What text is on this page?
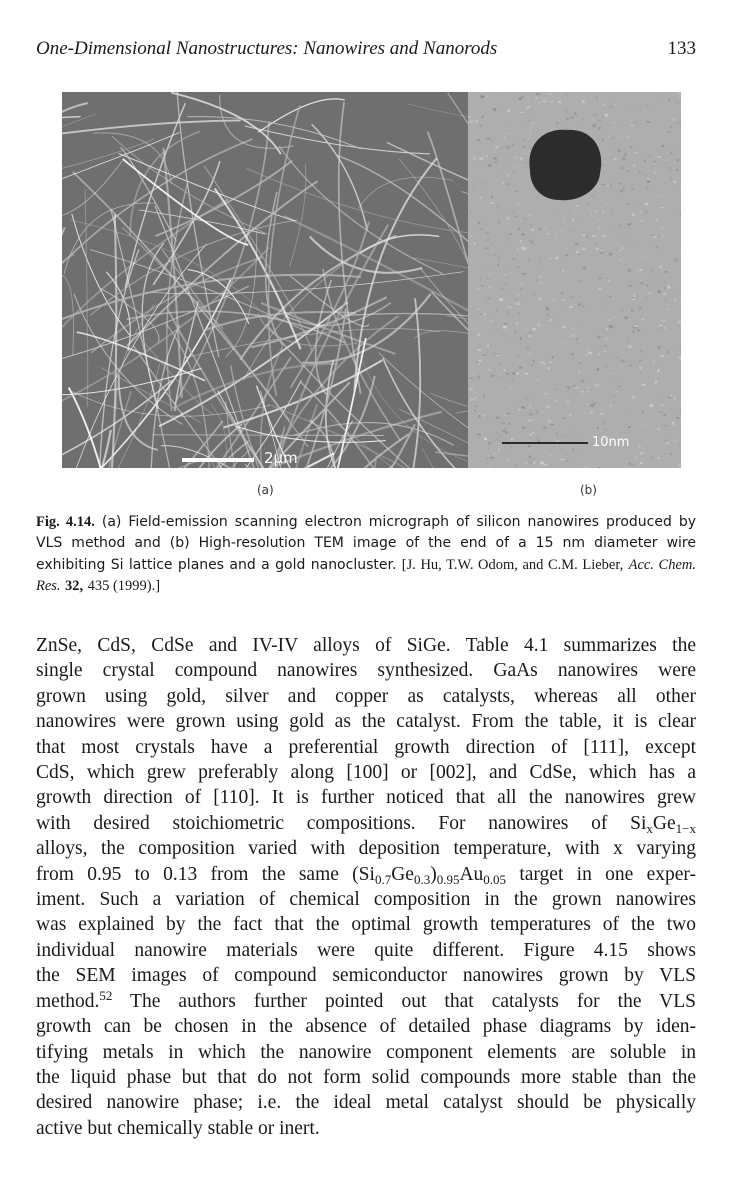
One-Dimensional Nanostructures: Nanowires and Nanorods	133
2μm
10nm
(a)	(b)
Fig. 4.14. (a) Field-emission scanning electron micrograph of silicon nanowires produced by VLS method and (b) High-resolution TEM image of the end of a 15 nm diameter wire exhibiting Si lattice planes and a gold nanocluster. [J. Hu, T.W. Odom, and C.M. Lieber, Acc. Chem. Res. 32, 435 (1999).]
ZnSe, CdS, CdSe and IV-IV alloys of SiGe. Table 4.1 summarizes the
single crystal compound nanowires synthesized. GaAs nanowires were
grown using gold, silver and copper as catalysts, whereas all other
nanowires were grown using gold as the catalyst. From the table, it is clear
that most crystals have a preferential growth direction of [111], except
CdS, which grew preferably along [100] or [002], and CdSe, which has a
growth direction of [110]. It is further noticed that all the nanowires grew
with desired stoichiometric compositions. For nanowires of $Si_xGe_{1-x}$
alloys, the composition varied with deposition temperature, with x varying
from 0.95 to 0.13 from the same $(Si_{0.7}Ge_{0.3})_{0.95}Au_{0.05}$ target in one exper-
iment. Such a variation of chemical composition in the grown nanowires
was explained by the fact that the optimal growth temperatures of the two
individual nanowire materials were quite different. Figure 4.15 shows
the SEM images of compound semiconductor nanowires grown by VLS
method.$^{52}$ The authors further pointed out that catalysts for the VLS
growth can be chosen in the absence of detailed phase diagrams by iden-
tifying metals in which the nanowire component elements are soluble in
the liquid phase but that do not form solid compounds more stable than the
desired nanowire phase; i.e. the ideal metal catalyst should be physically
active but chemically stable or inert.
